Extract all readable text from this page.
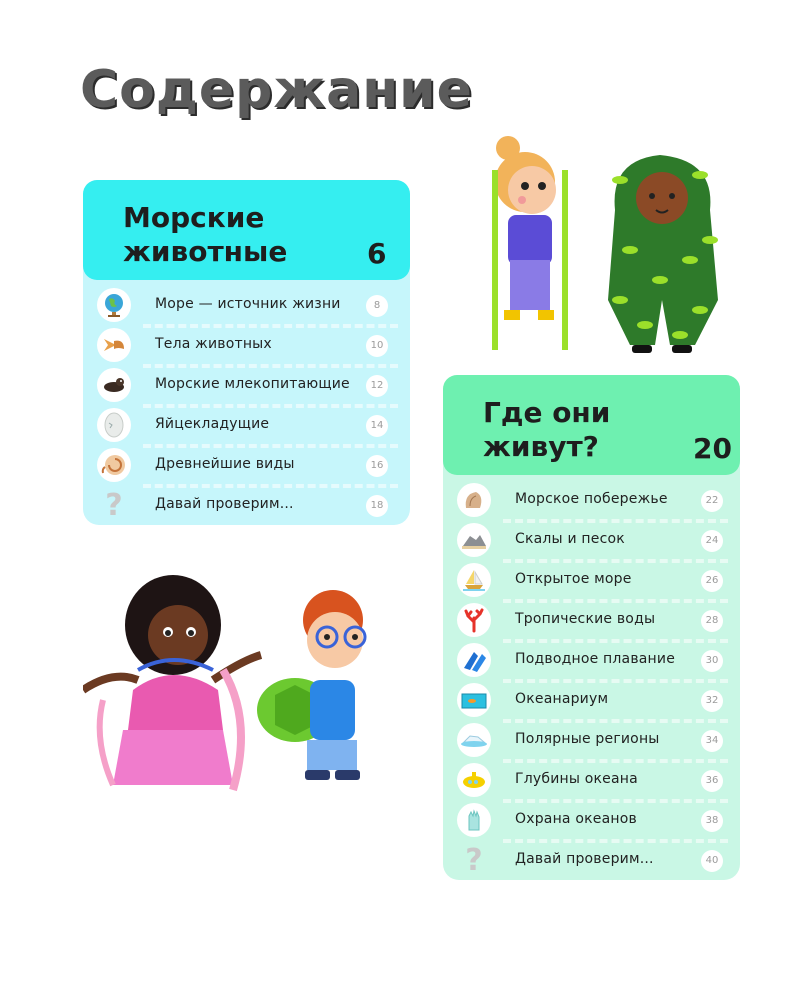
Содержание
Морские
животные	6
Море — источник жизни	8
Тела животных	10
Морские млекопитающие	12
Яйцекладущие	14
Древнейшие виды	16
? Давай проверим...	18
Где они
живут?	20
Морское побережье	22
Скалы и песок	24
Открытое море	26
Тропические воды	28
Подводное плавание	30
Океанариум	32
Полярные регионы	34
Глубины океана	36
Охрана океанов	38
? Давай проверим...	40
